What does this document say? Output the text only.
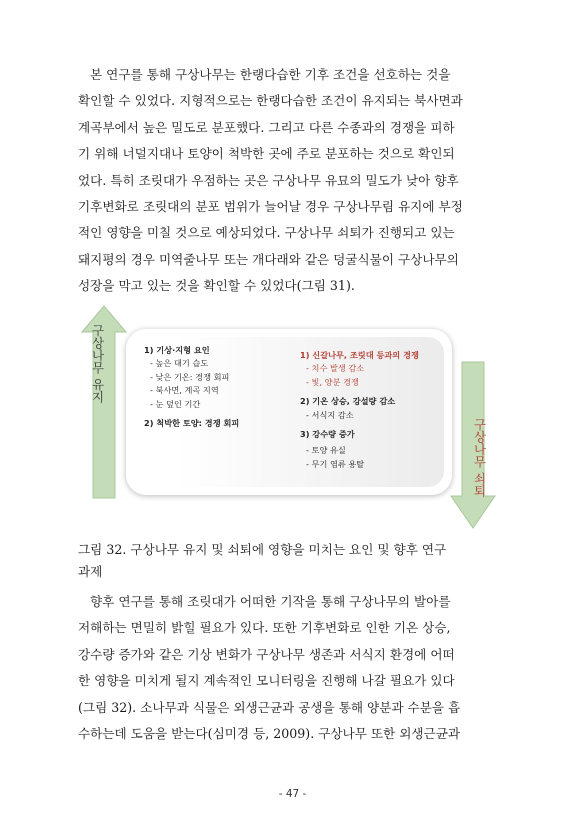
본 연구를 통해 구상나무는 한랭다습한 기후 조건을 선호하는 것을
확인할 수 있었다. 지형적으로는 한랭다습한 조건이 유지되는 북사면과
계곡부에서 높은 밀도로 분포했다. 그리고 다른 수종과의 경쟁을 피하
기 위해 너덜지대나 토양이 척박한 곳에 주로 분포하는 것으로 확인되
었다. 특히 조릿대가 우점하는 곳은 구상나무 유묘의 밀도가 낮아 향후
기후변화로 조릿대의 분포 범위가 늘어날 경우 구상나무림 유지에 부정
적인 영향을 미칠 것으로 예상되었다. 구상나무 쇠퇴가 진행되고 있는
돼지평의 경우 미역줄나무 또는 개다래와 같은 덩굴식물이 구상나무의
성장을 막고 있는 것을 확인할 수 있었다(그림 31).
구상나무 유지
구상나무 쇠퇴
1) 기상·지형 요인
- 높은 대기 습도
- 낮은 기온: 경쟁 회피
- 북사면, 계곡 지역
- 눈 덮인 기간
2) 척박한 토양: 경쟁 회피
1) 신갈나무, 조릿대 등과의 경쟁
- 치수 발생 감소
- 빛, 양분 경쟁
2) 기온 상승, 강설량 감소
- 서식지 감소
3) 강수량 증가
- 토양 유실
- 무기 염류 용탈
그림 32. 구상나무 유지 및 쇠퇴에 영향을 미치는 요인 및 향후 연구
과제
향후 연구를 통해 조릿대가 어떠한 기작을 통해 구상나무의 발아를
저해하는 면밀히 밝힐 필요가 있다. 또한 기후변화로 인한 기온 상승,
강수량 증가와 같은 기상 변화가 구상나무 생존과 서식지 환경에 어떠
한 영향을 미치게 될지 계속적인 모니터링을 진행해 나갈 필요가 있다
(그림 32). 소나무과 식물은 외생근균과 공생을 통해 양분과 수분을 흡
수하는데 도움을 받는다(심미경 등, 2009). 구상나무 또한 외생근균과
- 47 -
